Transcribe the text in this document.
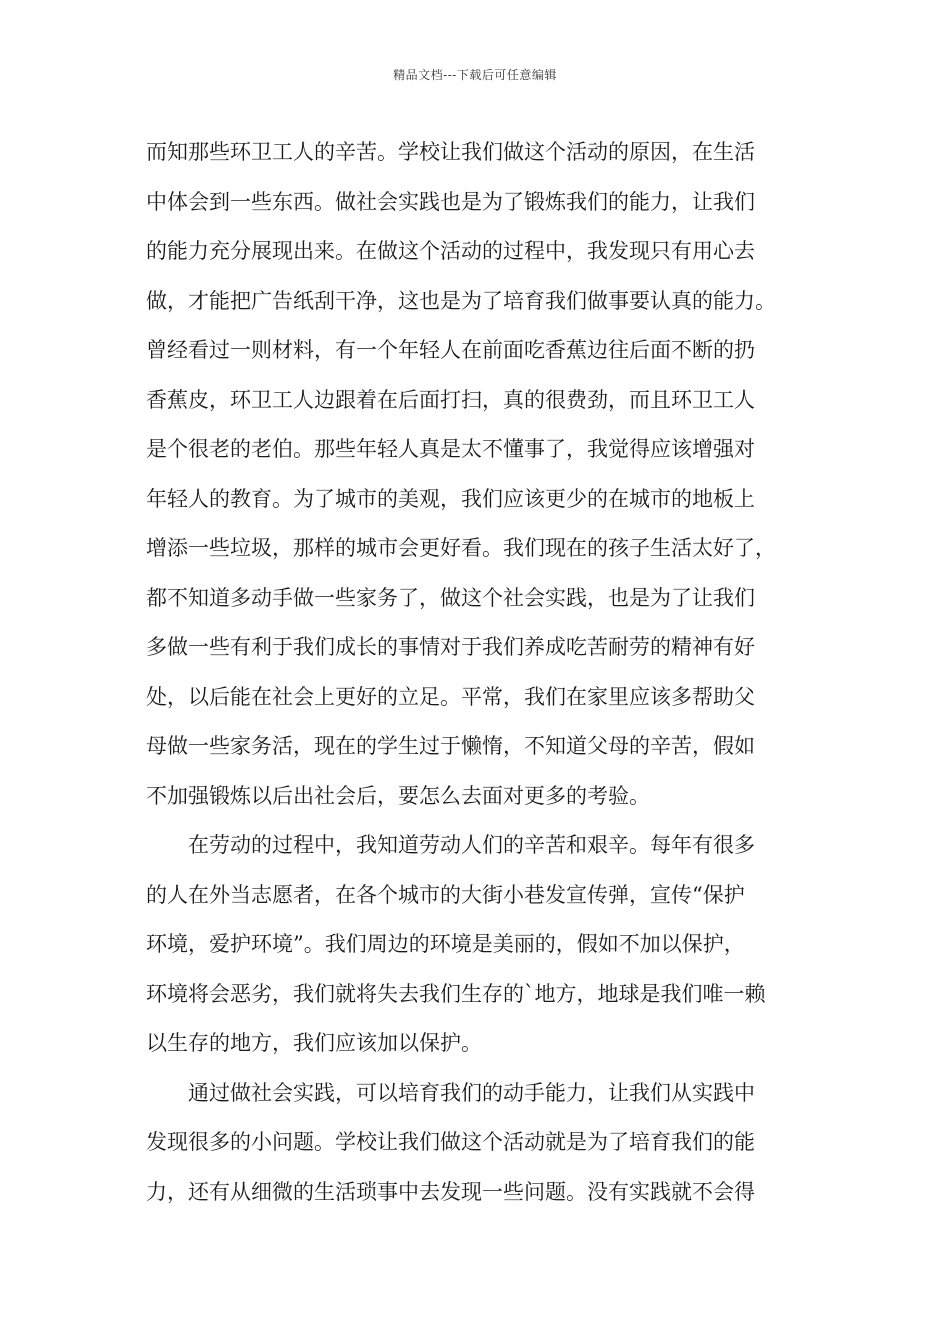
精品文档---下载后可任意编辑
而知那些环卫工人的辛苦。学校让我们做这个活动的原因，在生活
中体会到一些东西。做社会实践也是为了锻炼我们的能力，让我们
的能力充分展现出来。在做这个活动的过程中，我发现只有用心去
做，才能把广告纸刮干净，这也是为了培育我们做事要认真的能力。
曾经看过一则材料，有一个年轻人在前面吃香蕉边往后面不断的扔
香蕉皮，环卫工人边跟着在后面打扫，真的很费劲，而且环卫工人
是个很老的老伯。那些年轻人真是太不懂事了，我觉得应该增强对
年轻人的教育。为了城市的美观，我们应该更少的在城市的地板上
增添一些垃圾，那样的城市会更好看。我们现在的孩子生活太好了，
都不知道多动手做一些家务了，做这个社会实践，也是为了让我们
多做一些有利于我们成长的事情对于我们养成吃苦耐劳的精神有好
处，以后能在社会上更好的立足。平常，我们在家里应该多帮助父
母做一些家务活，现在的学生过于懒惰，不知道父母的辛苦，假如
不加强锻炼以后出社会后，要怎么去面对更多的考验。
　　在劳动的过程中，我知道劳动人们的辛苦和艰辛。每年有很多
的人在外当志愿者，在各个城市的大街小巷发宣传弹，宣传“保护
环境，爱护环境”。我们周边的环境是美丽的，假如不加以保护，
环境将会恶劣，我们就将失去我们生存的`地方，地球是我们唯一赖
以生存的地方，我们应该加以保护。
　　通过做社会实践，可以培育我们的动手能力，让我们从实践中
发现很多的小问题。学校让我们做这个活动就是为了培育我们的能
力，还有从细微的生活琐事中去发现一些问题。没有实践就不会得
